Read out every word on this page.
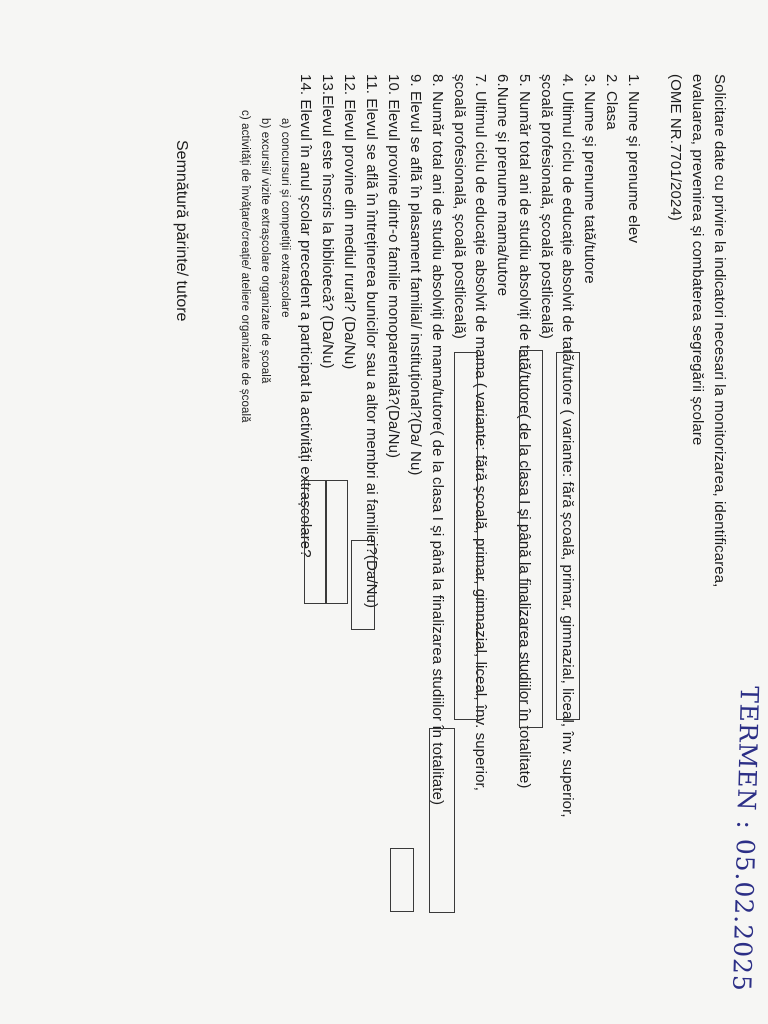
Solicitare date cu privire la indicatori necesari la monitorizarea, identificarea,
evaluarea, prevenirea și combaterea segregării școlare
(OME NR.7701/2024)
TERMEN : 05.02.2025
1. Nume și prenume elev
2. Clasa
3. Nume și prenume tată/tutore
4. Ultimul ciclu de educație absolvit de tată/tutore ( variante: fără școală, primar, gimnazial, liceal, înv. superior,
școală profesională, școală postliceală)
5. Număr total ani de studiu absolviți de tată/tutore( de la clasa I și până la finalizarea studiilor în totalitate)
6.Nume și prenume mama/tutore
7. Ultimul ciclu de educație absolvit de mama ( variante: fără școală, primar, gimnazial, liceal, înv. superior,
școală profesională, școală postliceală)
8. Număr total ani de studiu absolviți de mama/tutore( de la clasa I și până la finalizarea studiilor în totalitate)
9. Elevul se află în plasament familial/ instituțional?(Da/ Nu)
10. Elevul provine dintr-o familie monoparentală?(Da/Nu)
11. Elevul se află în întreținerea bunicilor sau a altor membri ai familiei?(Da/Nu)
12. Elevul provine din mediul rural? (Da/Nu)
13.Elevul este înscris la bibliotecă? (Da/Nu)
14. Elevul în anul școlar precedent a participat la activități extrașcolare?
a) concursuri și competiții extrașcolare
b) excursii/ vizite extrașcolare organizate de școală
c) activități de învățare/creație/ ateliere organizate de școală
Semnătură părinte/ tutore
